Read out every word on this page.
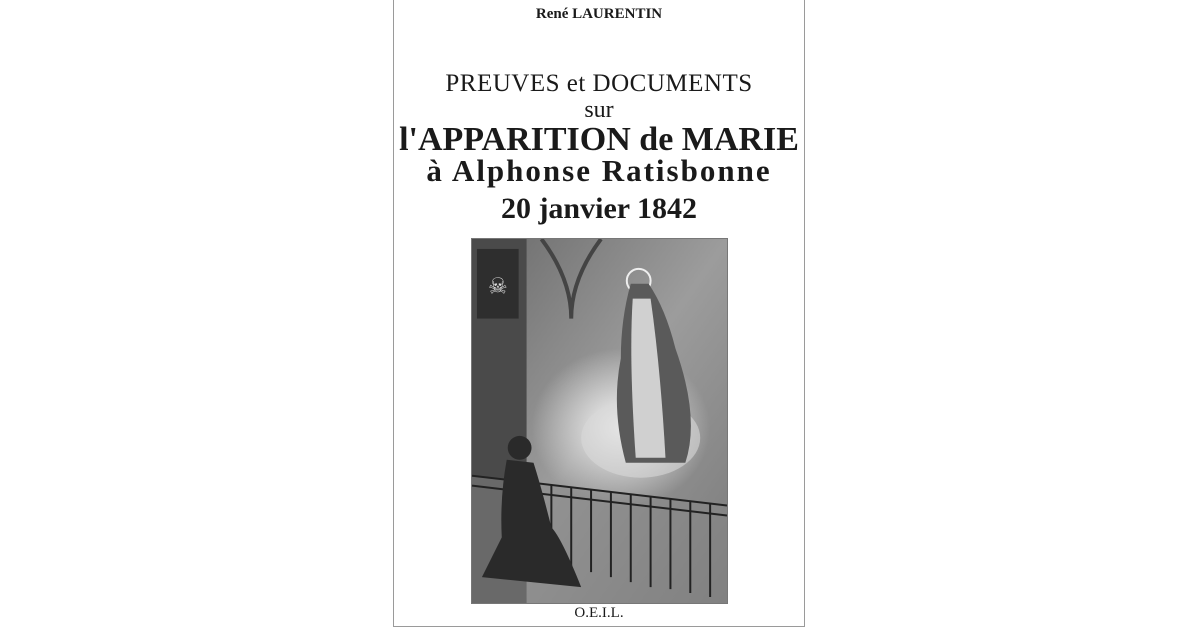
René LAURENTIN
PREUVES et DOCUMENTS
sur
l'APPARITION de MARIE
à Alphonse Ratisbonne
20 janvier 1842
☠
O.E.I.L.
